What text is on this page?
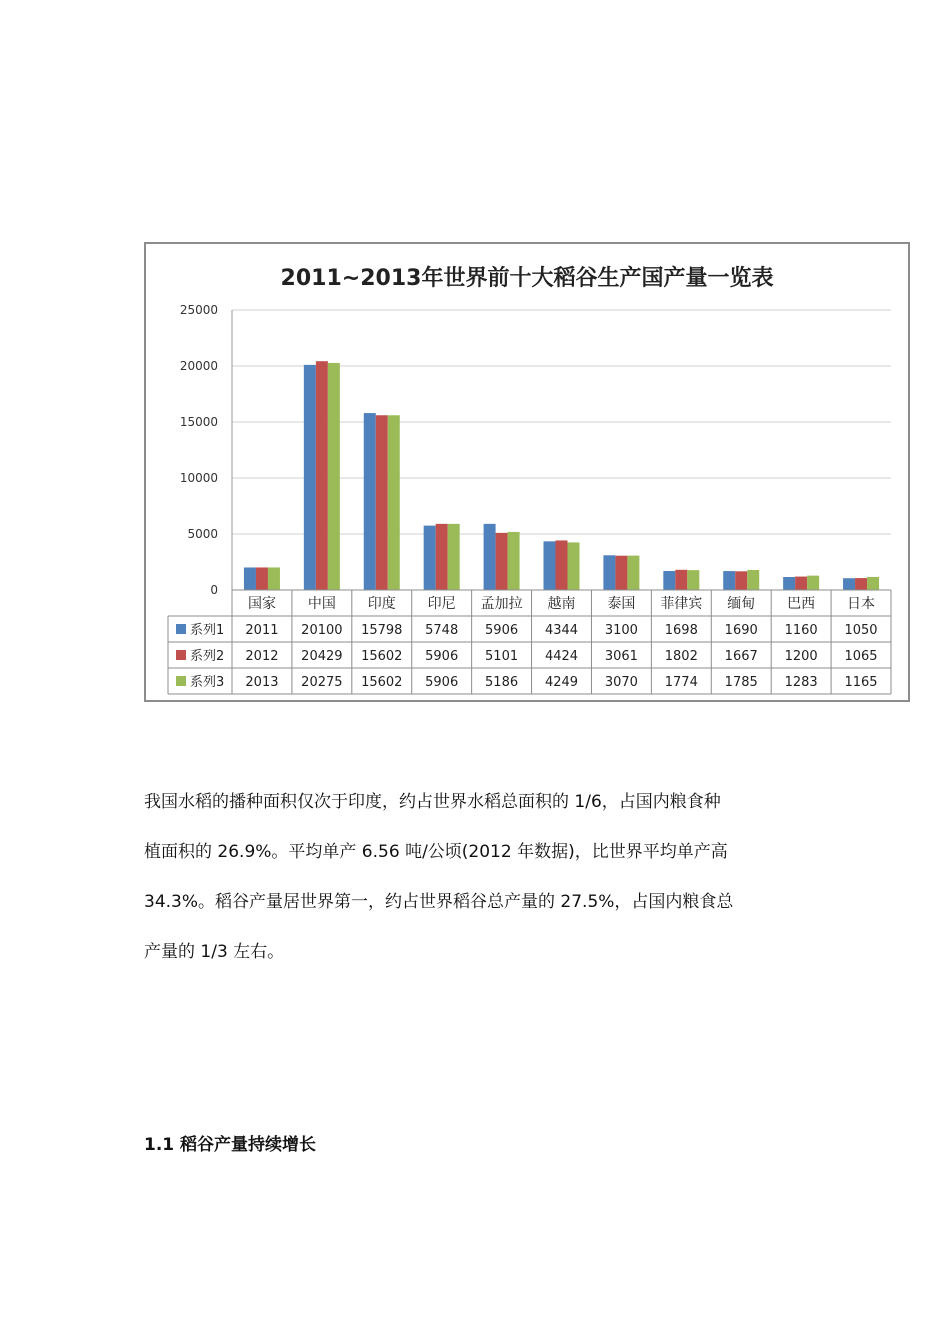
2011~2013年世界前十大稻谷生产国产量一览表
0
5000
10000
15000
20000
25000
国家 中国 印度 印尼 孟加拉 越南 泰国 菲律宾 缅甸 巴西 日本
系列1 2011 20100 15798 5748 5906 4344 3100 1698 1690 1160 1050
系列2 2012 20429 15602 5906 5101 4424 3061 1802 1667 1200 1065
系列3 2013 20275 15602 5906 5186 4249 3070 1774 1785 1283 1165

我国水稻的播种面积仅次于印度，约占世界水稻总面积的 1/6，占国内粮食种

植面积的 26.9%。平均单产 6.56 吨/公顷(2012 年数据)，比世界平均单产高

34.3%。稻谷产量居世界第一，约占世界稻谷总产量的 27.5%，占国内粮食总

产量的 1/3 左右。

1.1 稻谷产量持续增长
